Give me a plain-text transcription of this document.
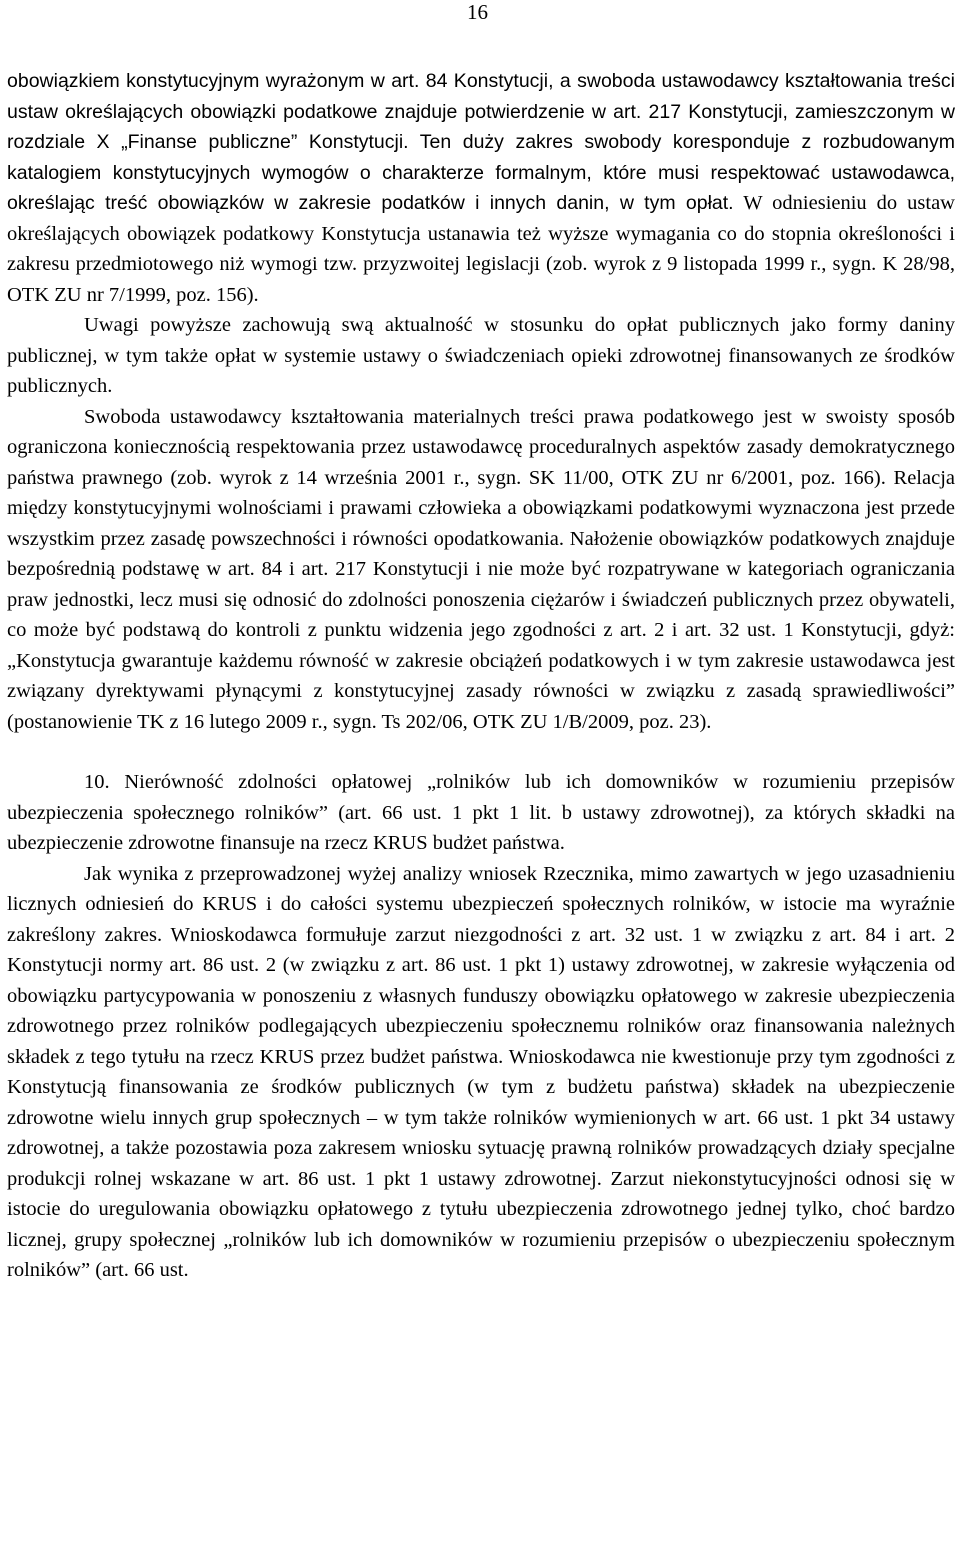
16

obowiązkiem konstytucyjnym wyrażonym w art. 84 Konstytucji, a swoboda ustawodawcy kształtowania treści ustaw określających obowiązki podatkowe znajduje potwierdzenie w art. 217 Konstytucji, zamieszczonym w rozdziale X „Finanse publiczne” Konstytucji. Ten duży zakres swobody koresponduje z rozbudowanym katalogiem konstytucyjnych wymogów o charakterze formalnym, które musi respektować ustawodawca, określając treść obowiązków w zakresie podatków i innych danin, w tym opłat. W odniesieniu do ustaw określających obowiązek podatkowy Konstytucja ustanawia też wyższe wymagania co do stopnia określoności i zakresu przedmiotowego niż wymogi tzw. przyzwoitej legislacji (zob. wyrok z 9 listopada 1999 r., sygn. K 28/98, OTK ZU nr 7/1999, poz. 156).

Uwagi powyższe zachowują swą aktualność w stosunku do opłat publicznych jako formy daniny publicznej, w tym także opłat w systemie ustawy o świadczeniach opieki zdrowotnej finansowanych ze środków publicznych.

Swoboda ustawodawcy kształtowania materialnych treści prawa podatkowego jest w swoisty sposób ograniczona koniecznością respektowania przez ustawodawcę proceduralnych aspektów zasady demokratycznego państwa prawnego (zob. wyrok z 14 września 2001 r., sygn. SK 11/00, OTK ZU nr 6/2001, poz. 166). Relacja między konstytucyjnymi wolnościami i prawami człowieka a obowiązkami podatkowymi wyznaczona jest przede wszystkim przez zasadę powszechności i równości opodatkowania. Nałożenie obowiązków podatkowych znajduje bezpośrednią podstawę w art. 84 i art. 217 Konstytucji i nie może być rozpatrywane w kategoriach ograniczania praw jednostki, lecz musi się odnosić do zdolności ponoszenia ciężarów i świadczeń publicznych przez obywateli, co może być podstawą do kontroli z punktu widzenia jego zgodności z art. 2 i art. 32 ust. 1 Konstytucji, gdyż: „Konstytucja gwarantuje każdemu równość w zakresie obciążeń podatkowych i w tym zakresie ustawodawca jest związany dyrektywami płynącymi z konstytucyjnej zasady równości w związku z zasadą sprawiedliwości” (postanowienie TK z 16 lutego 2009 r., sygn. Ts 202/06, OTK ZU 1/B/2009, poz. 23).

10. Nierówność zdolności opłatowej „rolników lub ich domowników w rozumieniu przepisów ubezpieczenia społecznego rolników” (art. 66 ust. 1 pkt 1 lit. b ustawy zdrowotnej), za których składki na ubezpieczenie zdrowotne finansuje na rzecz KRUS budżet państwa.

Jak wynika z przeprowadzonej wyżej analizy wniosek Rzecznika, mimo zawartych w jego uzasadnieniu licznych odniesień do KRUS i do całości systemu ubezpieczeń społecznych rolników, w istocie ma wyraźnie zakreślony zakres. Wnioskodawca formułuje zarzut niezgodności z art. 32 ust. 1 w związku z art. 84 i art. 2 Konstytucji normy art. 86 ust. 2 (w związku z art. 86 ust. 1 pkt 1) ustawy zdrowotnej, w zakresie wyłączenia od obowiązku partycypowania w ponoszeniu z własnych funduszy obowiązku opłatowego w zakresie ubezpieczenia zdrowotnego przez rolników podlegających ubezpieczeniu społecznemu rolników oraz finansowania należnych składek z tego tytułu na rzecz KRUS przez budżet państwa. Wnioskodawca nie kwestionuje przy tym zgodności z Konstytucją finansowania ze środków publicznych (w tym z budżetu państwa) składek na ubezpieczenie zdrowotne wielu innych grup społecznych – w tym także rolników wymienionych w art. 66 ust. 1 pkt 34 ustawy zdrowotnej, a także pozostawia poza zakresem wniosku sytuację prawną rolników prowadzących działy specjalne produkcji rolnej wskazane w art. 86 ust. 1 pkt 1 ustawy zdrowotnej. Zarzut niekonstytucyjności odnosi się w istocie do uregulowania obowiązku opłatowego z tytułu ubezpieczenia zdrowotnego jednej tylko, choć bardzo licznej, grupy społecznej „rolników lub ich domowników w rozumieniu przepisów o ubezpieczeniu społecznym rolników” (art. 66 ust.
